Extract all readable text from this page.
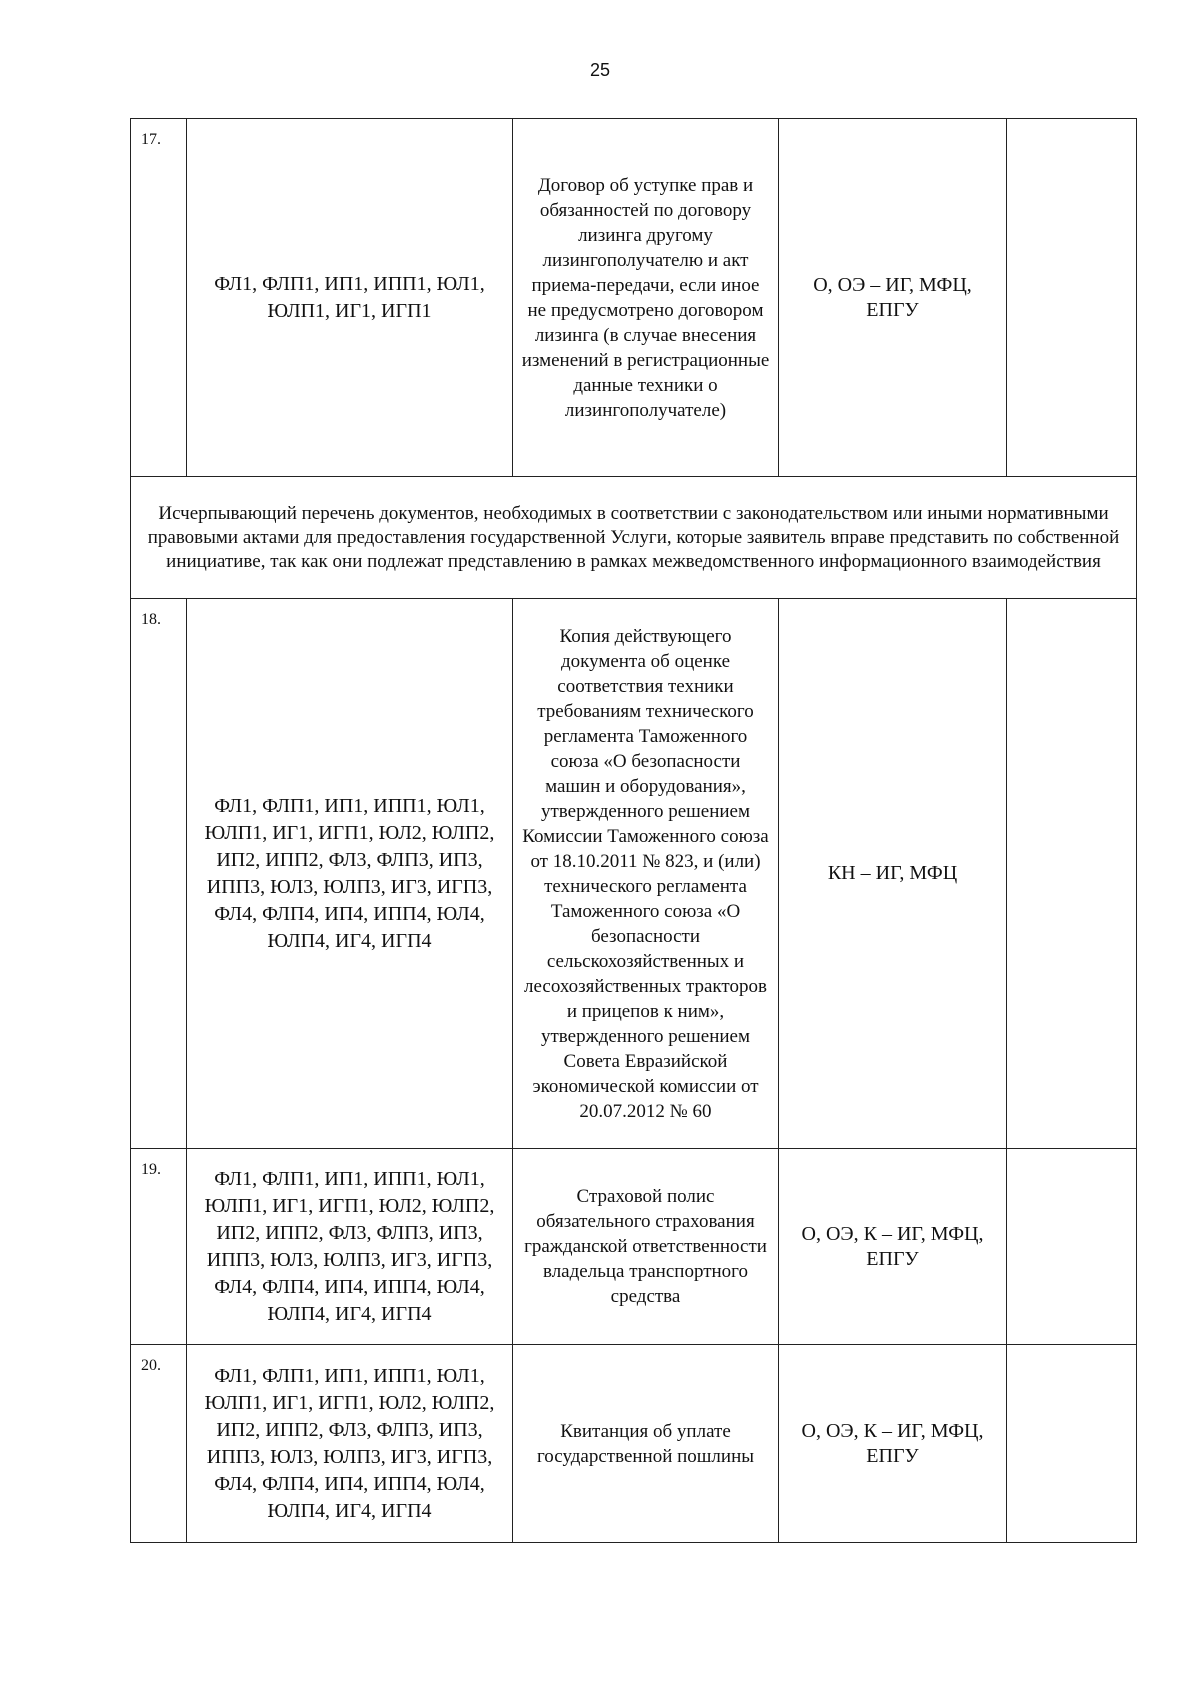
25
17.	ФЛ1, ФЛП1, ИП1, ИПП1, ЮЛ1, ЮЛП1, ИГ1, ИГП1	Договор об уступке прав и обязанностей по договору лизинга другому лизингополучателю и акт приема-передачи, если иное не предусмотрено договором лизинга (в случае внесения изменений в регистрационные данные техники о лизингополучателе)	О, ОЭ – ИГ, МФЦ, ЕПГУ	
Исчерпывающий перечень документов, необходимых в соответствии с законодательством или иными нормативными правовыми актами для предоставления государственной Услуги, которые заявитель вправе представить по собственной инициативе, так как они подлежат представлению в рамках межведомственного информационного взаимодействия				
18.	ФЛ1, ФЛП1, ИП1, ИПП1, ЮЛ1, ЮЛП1, ИГ1, ИГП1, ЮЛ2, ЮЛП2, ИП2, ИПП2, ФЛ3, ФЛП3, ИП3, ИПП3, ЮЛ3, ЮЛП3, ИГ3, ИГП3, ФЛ4, ФЛП4, ИП4, ИПП4, ЮЛ4, ЮЛП4, ИГ4, ИГП4	Копия действующего документа об оценке соответствия техники требованиям технического регламента Таможенного союза «О безопасности машин и оборудования», утвержденного решением Комиссии Таможенного союза от 18.10.2011 № 823, и (или) технического регламента Таможенного союза «О безопасности сельскохозяйственных и лесохозяйственных тракторов и прицепов к ним», утвержденного решением Совета Евразийской экономической комиссии от 20.07.2012 № 60	КН – ИГ, МФЦ	
19.	ФЛ1, ФЛП1, ИП1, ИПП1, ЮЛ1, ЮЛП1, ИГ1, ИГП1, ЮЛ2, ЮЛП2, ИП2, ИПП2, ФЛ3, ФЛП3, ИП3, ИПП3, ЮЛ3, ЮЛП3, ИГ3, ИГП3, ФЛ4, ФЛП4, ИП4, ИПП4, ЮЛ4, ЮЛП4, ИГ4, ИГП4	Страховой полис обязательного страхования гражданской ответственности владельца транспортного средства	О, ОЭ, К – ИГ, МФЦ, ЕПГУ	
20.	ФЛ1, ФЛП1, ИП1, ИПП1, ЮЛ1, ЮЛП1, ИГ1, ИГП1, ЮЛ2, ЮЛП2, ИП2, ИПП2, ФЛ3, ФЛП3, ИП3, ИПП3, ЮЛ3, ЮЛП3, ИГ3, ИГП3, ФЛ4, ФЛП4, ИП4, ИПП4, ЮЛ4, ЮЛП4, ИГ4, ИГП4	Квитанция об уплате государственной пошлины	О, ОЭ, К – ИГ, МФЦ, ЕПГУ	
